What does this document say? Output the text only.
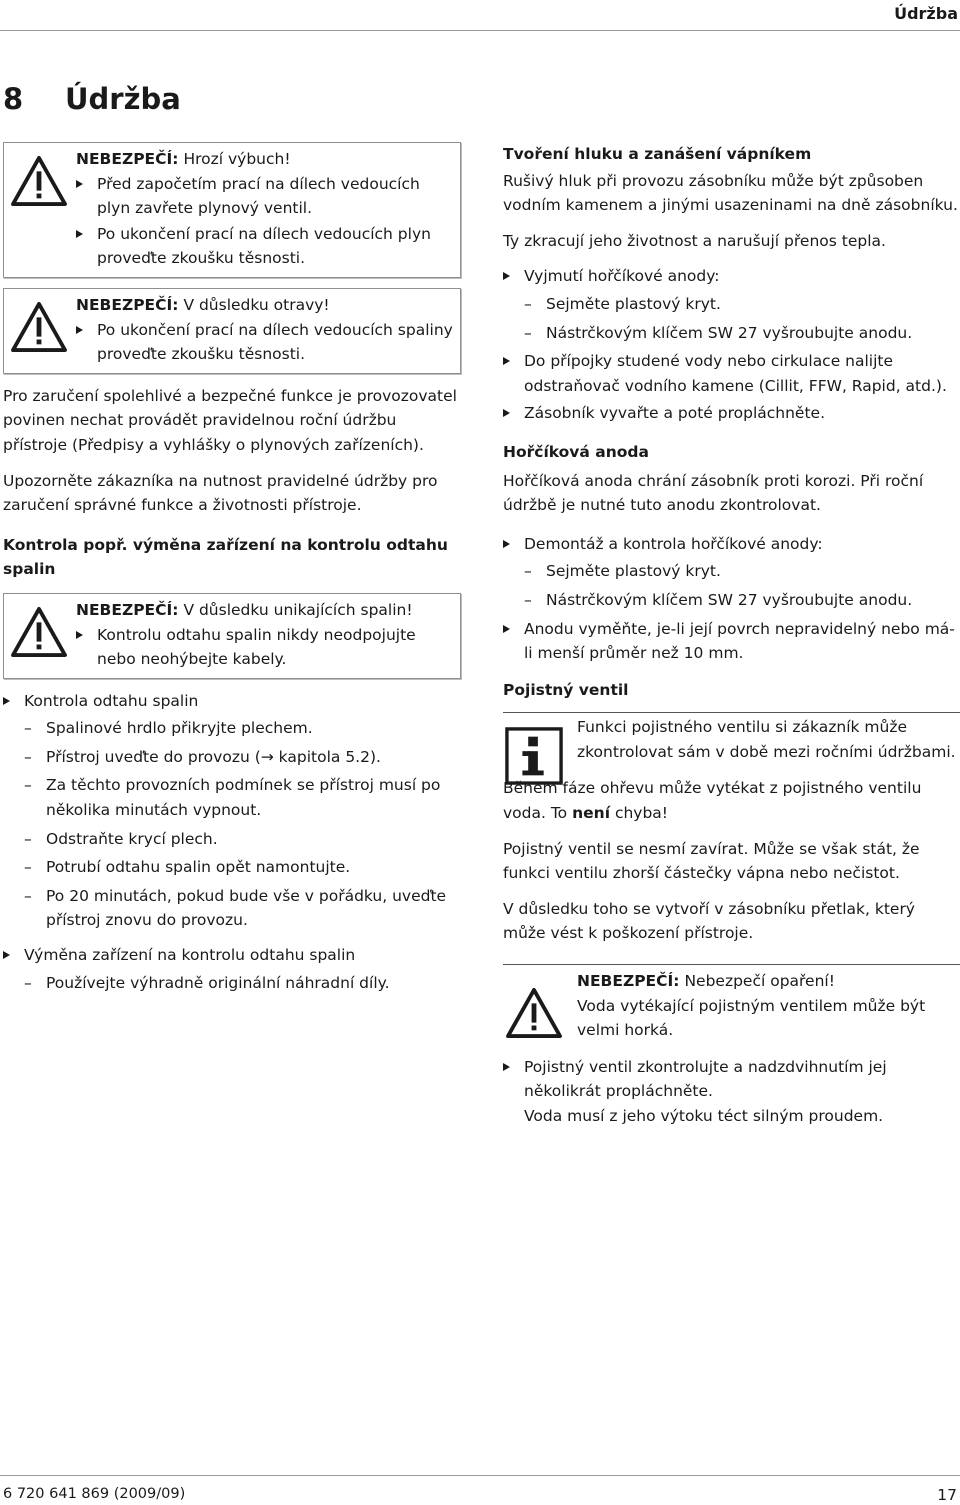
Údržba
8 Údržba
NEBEZPEČÍ: Hrozí výbuch!
Před započetím prací na dílech vedoucích plyn zavřete plynový ventil.
Po ukončení prací na dílech vedoucích plyn proveďte zkoušku těsnosti.
NEBEZPEČÍ: V důsledku otravy!
Po ukončení prací na dílech vedoucích spaliny proveďte zkoušku těsnosti.

Pro zaručení spolehlivé a bezpečné funkce je provozovatel povinen nechat provádět pravidelnou roční údržbu přístroje (Předpisy a vyhlášky o plynových zařízeních).

Upozorněte zákazníka na nutnost pravidelné údržby pro zaručení správné funkce a životnosti přístroje.

Kontrola popř. výměna zařízení na kontrolu odtahu spalin

NEBEZPEČÍ: V důsledku unikajících spalin!
Kontrolu odtahu spalin nikdy neodpojujte nebo neohýbejte kabely.
Kontrola odtahu spalin
– Spalinové hrdlo přikryjte plechem.
– Přístroj uveďte do provozu (→ kapitola 5.2).
– Za těchto provozních podmínek se přístroj musí po několika minutách vypnout.
– Odstraňte krycí plech.
– Potrubí odtahu spalin opět namontujte.
– Po 20 minutách, pokud bude vše v pořádku, uveďte přístroj znovu do provozu.
Výměna zařízení na kontrolu odtahu spalin
– Používejte výhradně originální náhradní díly.

Tvoření hluku a zanášení vápníkem

Rušivý hluk při provozu zásobníku může být způsoben vodním kamenem a jinými usazeninami na dně zásobníku.

Ty zkracují jeho životnost a narušují přenos tepla.

Vyjmutí hořčíkové anody:
– Sejměte plastový kryt.
– Nástrčkovým klíčem SW 27 vyšroubujte anodu.
Do přípojky studené vody nebo cirkulace nalijte odstraňovač vodního kamene (Cillit, FFW, Rapid, atd.).
Zásobník vyvařte a poté propláchněte.

Hořčíková anoda

Hořčíková anoda chrání zásobník proti korozi. Při roční údržbě je nutné tuto anodu zkontrolovat.

Demontáž a kontrola hořčíkové anody:
– Sejměte plastový kryt.
– Nástrčkovým klíčem SW 27 vyšroubujte anodu.
Anodu vyměňte, je-li její povrch nepravidelný nebo má-li menší průměr než 10 mm.

Pojistný ventil

Funkci pojistného ventilu si zákazník může zkontrolovat sám v době mezi ročními údržbami.

Během fáze ohřevu může vytékat z pojistného ventilu voda. To není chyba!

Pojistný ventil se nesmí zavírat. Může se však stát, že funkci ventilu zhorší částečky vápna nebo nečistot.

V důsledku toho se vytvoří v zásobníku přetlak, který může vést k poškození přístroje.

NEBEZPEČÍ: Nebezpečí opaření!
Voda vytékající pojistným ventilem může být velmi horká.
Pojistný ventil zkontrolujte a nadzdvihnutím jej několikrát propláchněte.
Voda musí z jeho výtoku téct silným proudem.
6 720 641 869 (2009/09)	17
